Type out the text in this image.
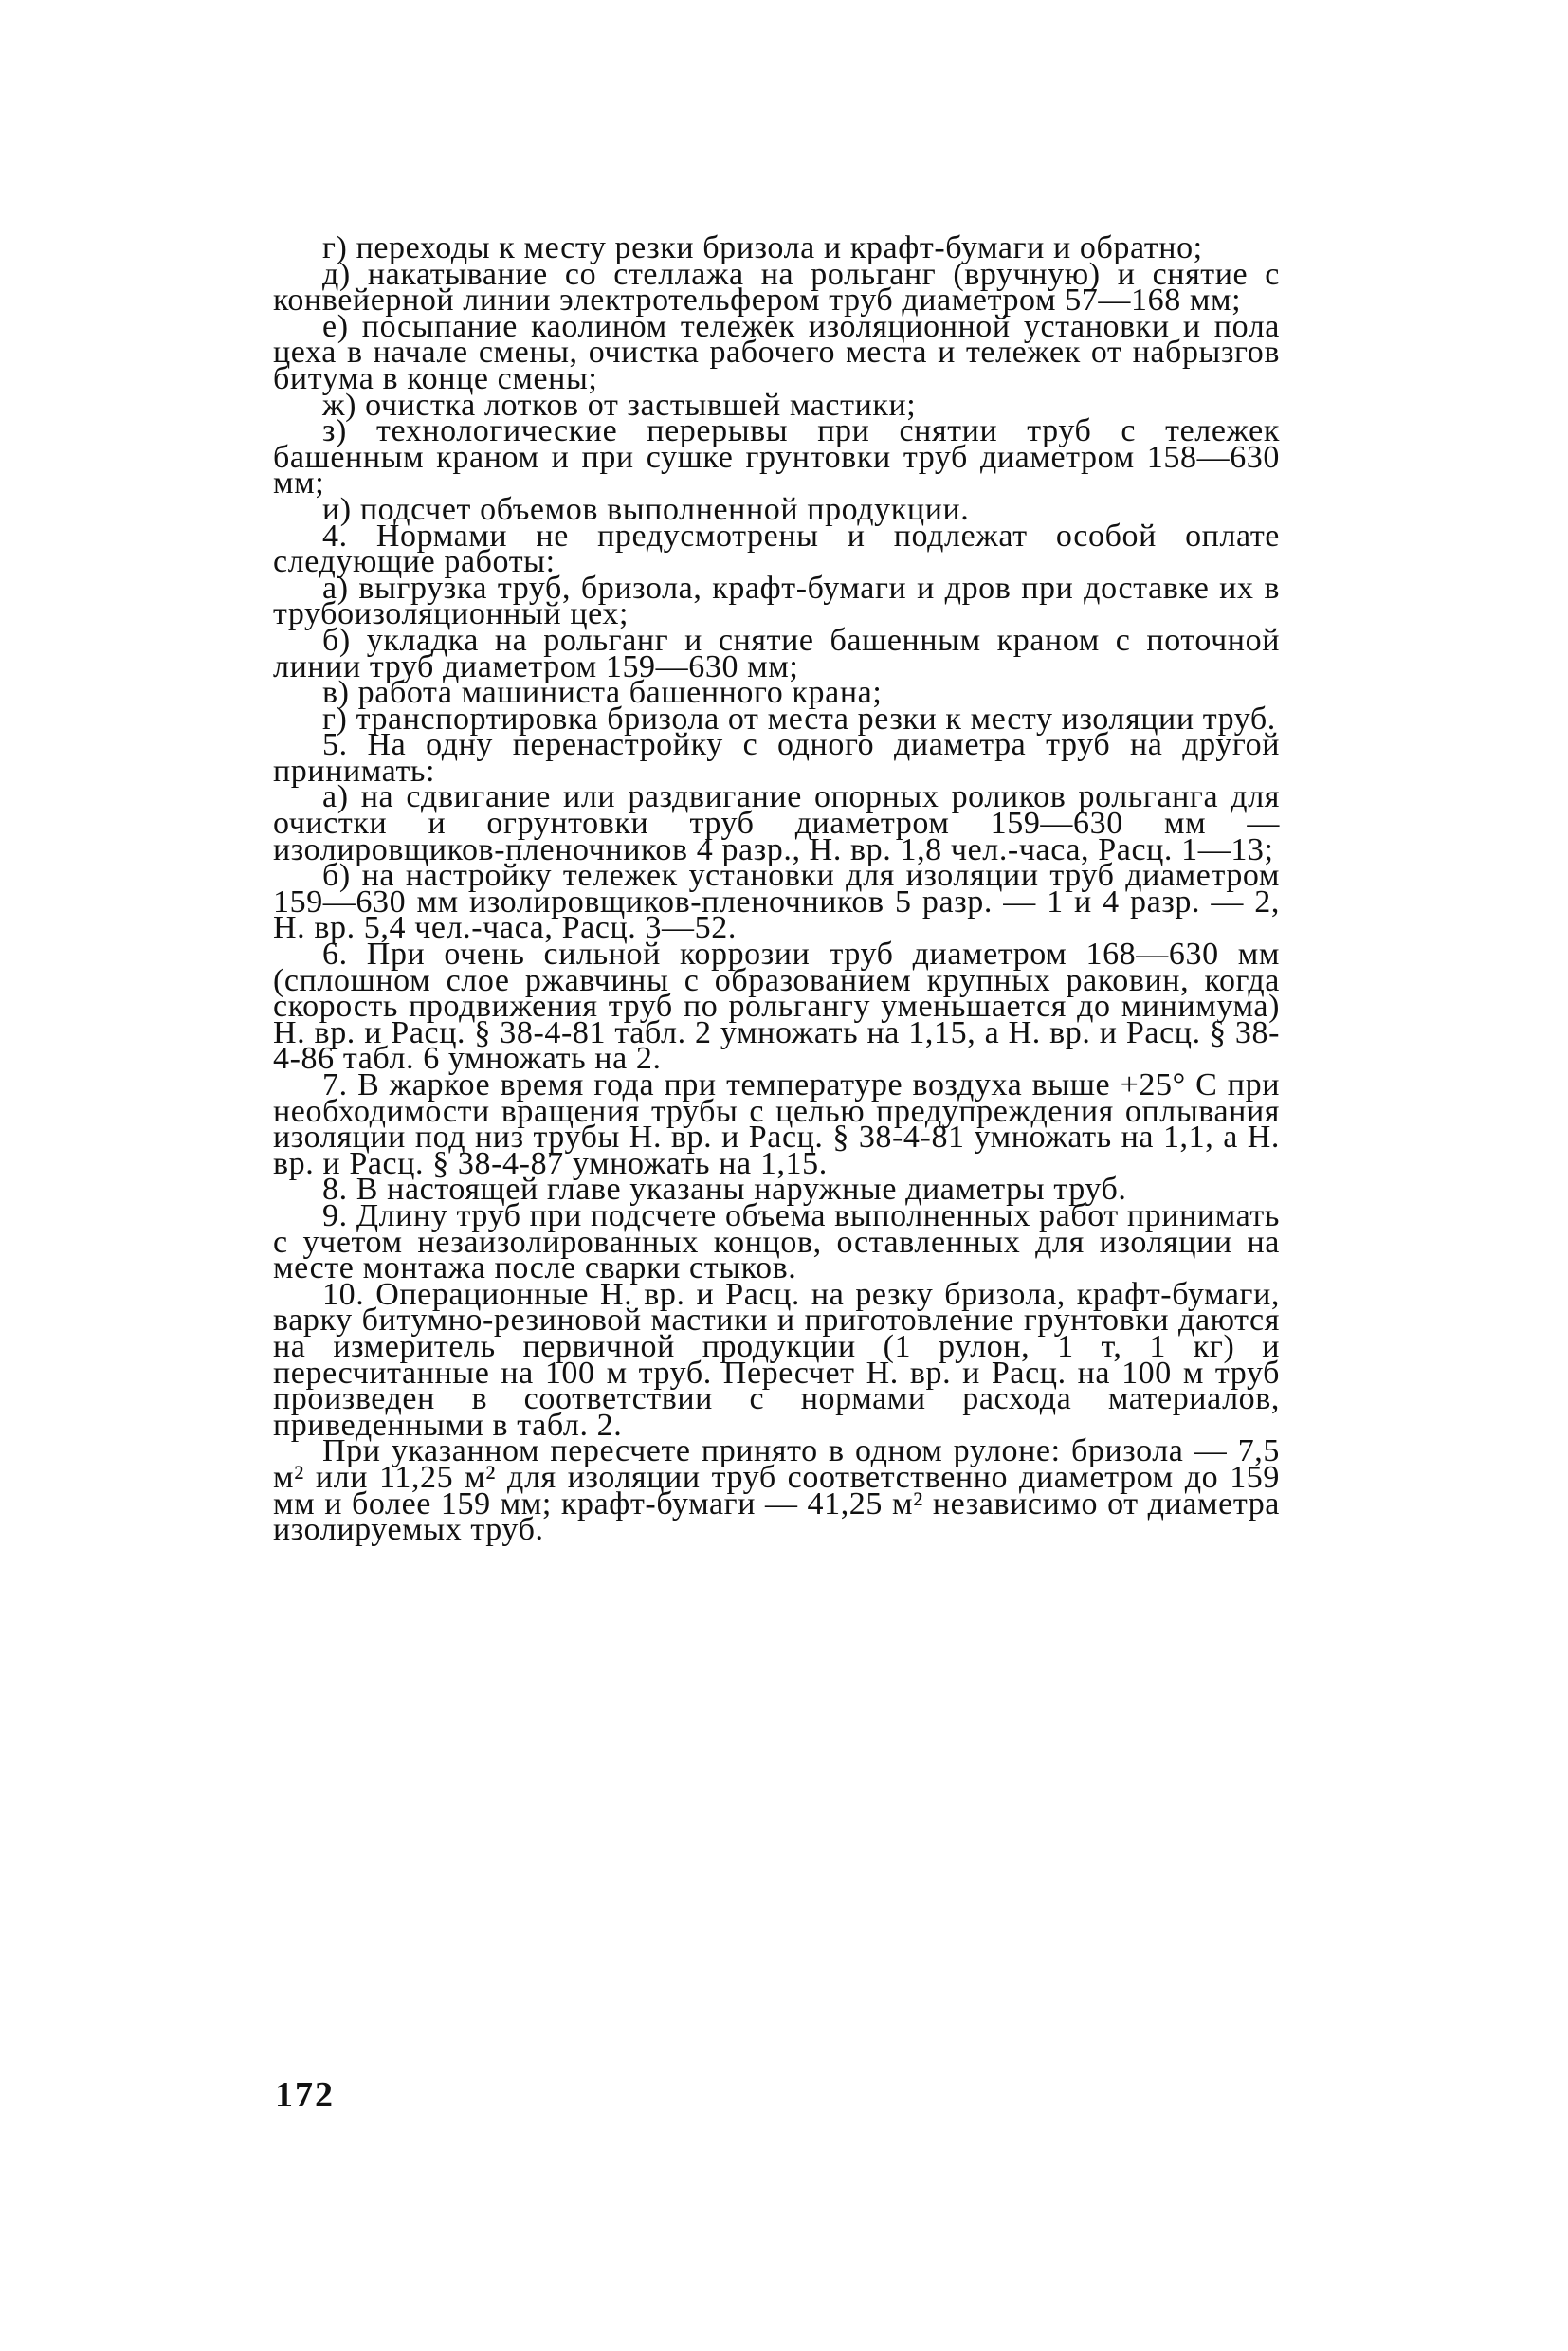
г) переходы к месту резки бризола и крафт-бумаги и обратно;

д) накатывание со стеллажа на рольганг (вручную) и снятие с конвейерной линии электротельфером труб диаметром 57—168 мм;

е) посыпание каолином тележек изоляционной установки и пола цеха в начале смены, очистка рабочего места и тележек от набрызгов битума в конце смены;

ж) очистка лотков от застывшей мастики;

з) технологические перерывы при снятии труб с тележек башенным краном и при сушке грунтовки труб диаметром 158—630 мм;

и) подсчет объемов выполненной продукции.

4. Нормами не предусмотрены и подлежат особой оплате следующие работы:

а) выгрузка труб, бризола, крафт-бумаги и дров при доставке их в трубоизоляционный цех;

б) укладка на рольганг и снятие башенным краном с поточной линии труб диаметром 159—630 мм;

в) работа машиниста башенного крана;

г) транспортировка бризола от места резки к месту изоляции труб.

5. На одну перенастройку с одного диаметра труб на другой принимать:

а) на сдвигание или раздвигание опорных роликов рольганга для очистки и огрунтовки труб диаметром 159—630 мм — изолировщиков-пленочников 4 разр., Н. вр. 1,8 чел.-часа, Расц. 1—13;

б) на настройку тележек установки для изоляции труб диаметром 159—630 мм изолировщиков-пленочников 5 разр. — 1 и 4 разр. — 2, Н. вр. 5,4 чел.-часа, Расц. 3—52.

6. При очень сильной коррозии труб диаметром 168—630 мм (сплошном слое ржавчины с образованием крупных раковин, когда скорость продвижения труб по рольгангу уменьшается до минимума) Н. вр. и Расц. § 38-4-81 табл. 2 умножать на 1,15, а Н. вр. и Расц. § 38-4-86 табл. 6 умножать на 2.

7. В жаркое время года при температуре воздуха выше +25° С при необходимости вращения трубы с целью предупреждения оплывания изоляции под низ трубы Н. вр. и Расц. § 38-4-81 умножать на 1,1, а Н. вр. и Расц. § 38-4-87 умножать на 1,15.

8. В настоящей главе указаны наружные диаметры труб.

9. Длину труб при подсчете объема выполненных работ принимать с учетом незаизолированных концов, оставленных для изоляции на месте монтажа после сварки стыков.

10. Операционные Н. вр. и Расц. на резку бризола, крафт-бумаги, варку битумно-резиновой мастики и приготовление грунтовки даются на измеритель первичной продукции (1 рулон, 1 т, 1 кг) и пересчитанные на 100 м труб. Пересчет Н. вр. и Расц. на 100 м труб произведен в соответствии с нормами расхода материалов, приведенными в табл. 2.

При указанном пересчете принято в одном рулоне: бризола — 7,5 м² или 11,25 м² для изоляции труб соответственно диаметром до 159 мм и более 159 мм; крафт-бумаги — 41,25 м² независимо от диаметра изолируемых труб.

172
